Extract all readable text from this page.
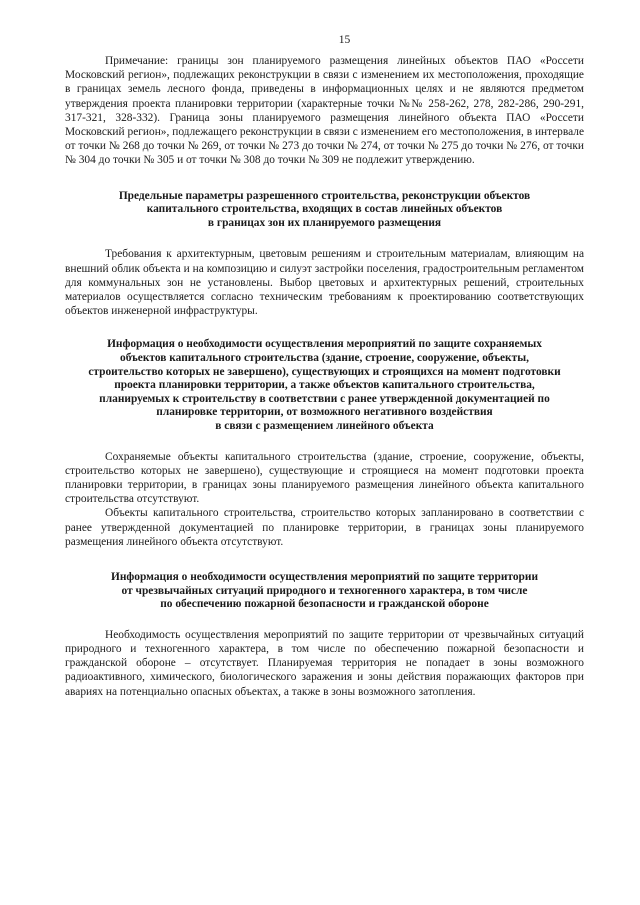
15

Примечание: границы зон планируемого размещения линейных объектов ПАО «Россети Московский регион», подлежащих реконструкции в связи с изменением их местоположения, проходящие в границах земель лесного фонда, приведены в информационных целях и не являются предметом утверждения проекта планировки территории (характерные точки №№ 258-262, 278, 282-286, 290-291, 317-321, 328-332). Граница зоны планируемого размещения линейного объекта ПАО «Россети Московский регион», подлежащего реконструкции в связи с изменением его местоположения, в интервале от точки № 268 до точки № 269, от точки № 273 до точки № 274, от точки № 275 до точки № 276, от точки № 304 до точки № 305 и от точки № 308 до точки № 309 не подлежит утверждению.

Предельные параметры разрешенного строительства, реконструкции объектов
капитального строительства, входящих в состав линейных объектов
в границах зон их планируемого размещения

Требования к архитектурным, цветовым решениям и строительным материалам, влияющим на внешний облик объекта и на композицию и силуэт застройки поселения, градостроительным регламентом для коммунальных зон не установлены. Выбор цветовых и архитектурных решений, строительных материалов осуществляется согласно техническим требованиям к проектированию соответствующих объектов инженерной инфраструктуры.

Информация о необходимости осуществления мероприятий по защите сохраняемых
объектов капитального строительства (здание, строение, сооружение, объекты,
строительство которых не завершено), существующих и строящихся на момент подготовки
проекта планировки территории, а также объектов капитального строительства,
планируемых к строительству в соответствии с ранее утвержденной документацией по
планировке территории, от возможного негативного воздействия
в связи с размещением линейного объекта

Сохраняемые объекты капитального строительства (здание, строение, сооружение, объекты, строительство которых не завершено), существующие и строящиеся на момент подготовки проекта планировки территории, в границах зоны планируемого размещения линейного объекта капитального строительства отсутствуют.

Объекты капитального строительства, строительство которых запланировано в соответствии с ранее утвержденной документацией по планировке территории, в границах зоны планируемого размещения линейного объекта отсутствуют.

Информация о необходимости осуществления мероприятий по защите территории
от чрезвычайных ситуаций природного и техногенного характера, в том числе
по обеспечению пожарной безопасности и гражданской обороне

Необходимость осуществления мероприятий по защите территории от чрезвычайных ситуаций природного и техногенного характера, в том числе по обеспечению пожарной безопасности и гражданской обороне – отсутствует. Планируемая территория не попадает в зоны возможного радиоактивного, химического, биологического заражения и зоны действия поражающих факторов при авариях на потенциально опасных объектах, а также в зоны возможного затопления.
